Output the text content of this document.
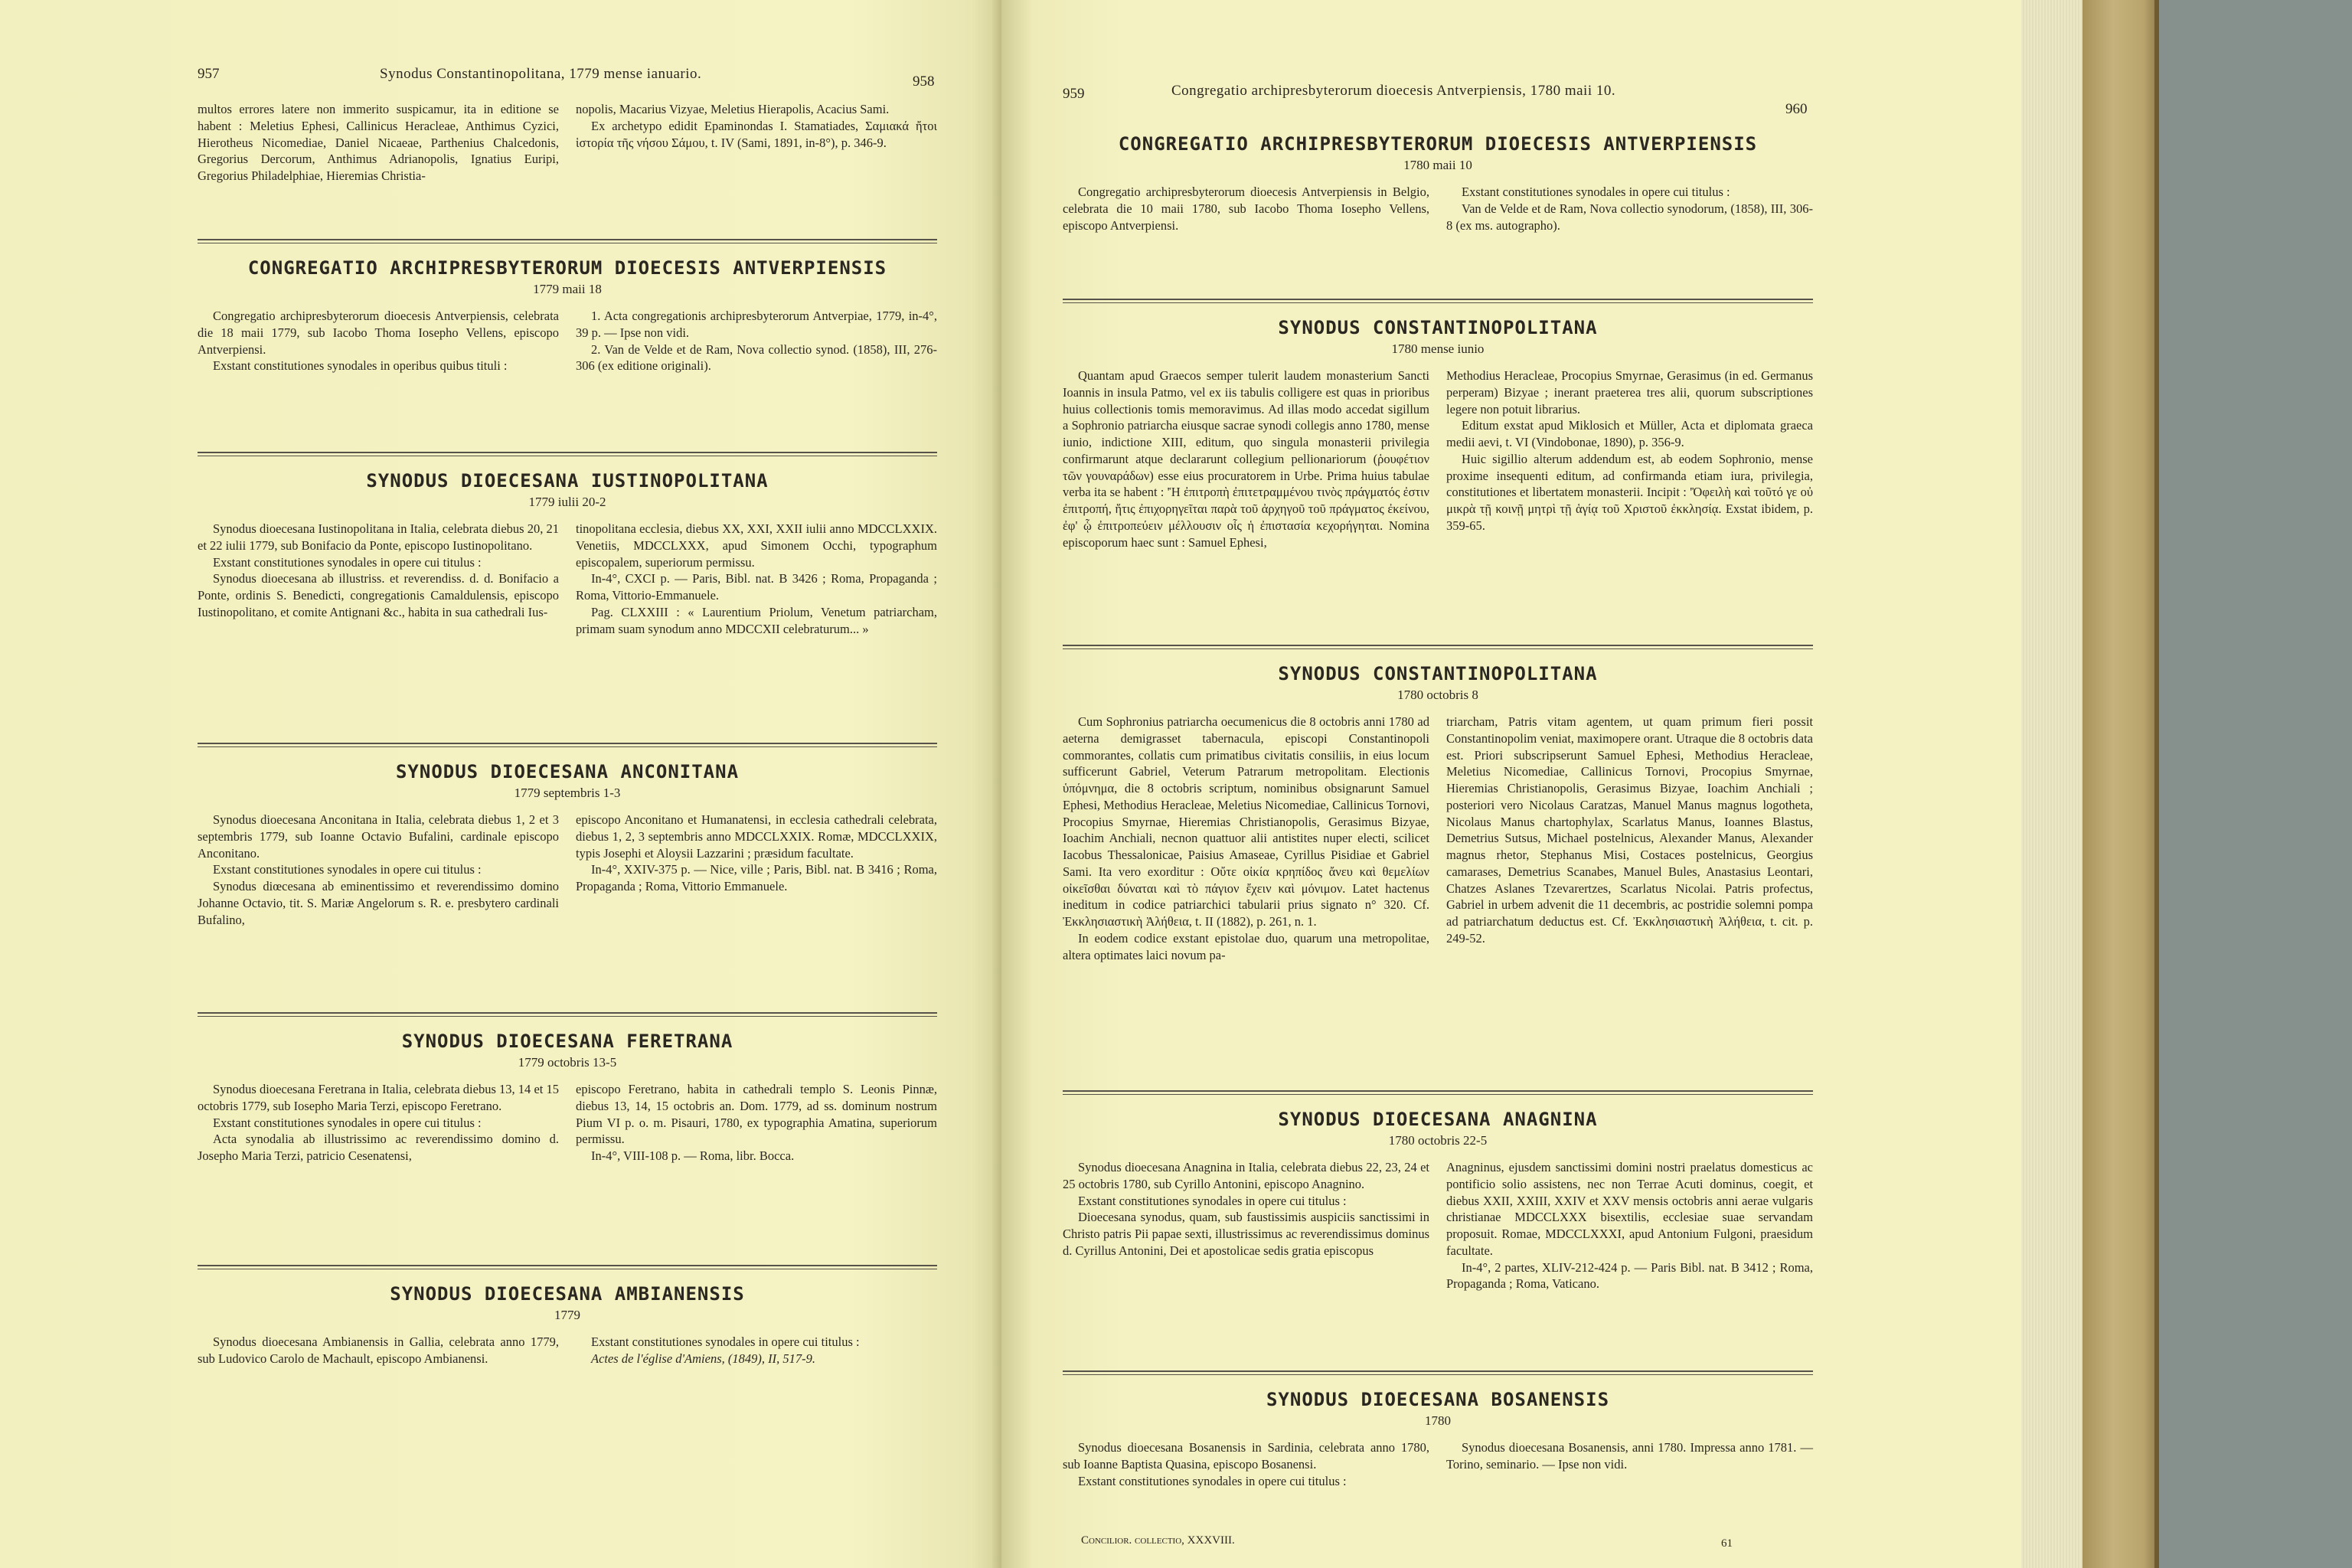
957	Synodus Constantinopolitana, 1779 mense ianuario.	958

multos errores latere non immerito suspicamur, ita in editione se habent : Meletius Ephesi, Callinicus Heracleae, Anthimus Cyzici, Hierotheus Nicomediae, Daniel Nicaeae, Parthenius Chalcedonis, Gregorius Dercorum, Anthimus Adrianopolis, Ignatius Euripi, Gregorius Philadelphiae, Hieremias Christia-

nopolis, Macarius Vizyae, Meletius Hierapolis, Acacius Sami.

Ex archetypo edidit Epaminondas I. Stamatiades, Σαμιακά ἤτοι ἱστορία τῆς νήσου Σάμου, t. IV (Sami, 1891, in-8°), p. 346-9.

CONGREGATIO ARCHIPRESBYTERORUM DIOECESIS ANTVERPIENSIS
1779 maii 18

Congregatio archipresbyterorum dioecesis Antverpiensis, celebrata die 18 maii 1779, sub Iacobo Thoma Iosepho Vellens, episcopo Antverpiensi.

Exstant constitutiones synodales in operibus quibus tituli :

1. Acta congregationis archipresbyterorum Antverpiae, 1779, in-4°, 39 p. — Ipse non vidi.

2. Van de Velde et de Ram, Nova collectio synod. (1858), III, 276-306 (ex editione originali).

SYNODUS DIOECESANA IUSTINOPOLITANA
1779 iulii 20-2

Synodus dioecesana Iustinopolitana in Italia, celebrata diebus 20, 21 et 22 iulii 1779, sub Bonifacio da Ponte, episcopo Iustinopolitano.

Exstant constitutiones synodales in opere cui titulus :

Synodus dioecesana ab illustriss. et reverendiss. d. d. Bonifacio a Ponte, ordinis S. Benedicti, congregationis Camaldulensis, episcopo Iustinopolitano, et comite Antignani &c., habita in sua cathedrali Ius-

tinopolitana ecclesia, diebus XX, XXI, XXII iulii anno MDCCLXXIX. Venetiis, MDCCLXXX, apud Simonem Occhi, typographum episcopalem, superiorum permissu.

In-4°, CXCI p. — Paris, Bibl. nat. B 3426 ; Roma, Propaganda ; Roma, Vittorio-Emmanuele.

Pag. CLXXIII : « Laurentium Priolum, Venetum patriarcham, primam suam synodum anno MDCCXII celebraturum... »

SYNODUS DIOECESANA ANCONITANA
1779 septembris 1-3

Synodus dioecesana Anconitana in Italia, celebrata diebus 1, 2 et 3 septembris 1779, sub Ioanne Octavio Bufalini, cardinale episcopo Anconitano.

Exstant constitutiones synodales in opere cui titulus :

Synodus diœcesana ab eminentissimo et reverendissimo domino Johanne Octavio, tit. S. Mariæ Angelorum s. R. e. presbytero cardinali Bufalino,

episcopo Anconitano et Humanatensi, in ecclesia cathedrali celebrata, diebus 1, 2, 3 septembris anno MDCCLXXIX. Romæ, MDCCLXXIX, typis Josephi et Aloysii Lazzarini ; præsidum facultate.

In-4°, XXIV-375 p. — Nice, ville ; Paris, Bibl. nat. B 3416 ; Roma, Propaganda ; Roma, Vittorio Emmanuele.

SYNODUS DIOECESANA FERETRANA
1779 octobris 13-5

Synodus dioecesana Feretrana in Italia, celebrata diebus 13, 14 et 15 octobris 1779, sub Iosepho Maria Terzi, episcopo Feretrano.

Exstant constitutiones synodales in opere cui titulus :

Acta synodalia ab illustrissimo ac reverendissimo domino d. Josepho Maria Terzi, patricio Cesenatensi,

episcopo Feretrano, habita in cathedrali templo S. Leonis Pinnæ, diebus 13, 14, 15 octobris an. Dom. 1779, ad ss. dominum nostrum Pium VI p. o. m. Pisauri, 1780, ex typographia Amatina, superiorum permissu.

In-4°, VIII-108 p. — Roma, libr. Bocca.

SYNODUS DIOECESANA AMBIANENSIS
1779

Synodus dioecesana Ambianensis in Gallia, celebrata anno 1779, sub Ludovico Carolo de Machault, episcopo Ambianensi.

Exstant constitutiones synodales in opere cui titulus :

Actes de l'église d'Amiens, (1849), II, 517-9.

959	Congregatio archipresbyterorum dioecesis Antverpiensis, 1780 maii 10.
960
CONGREGATIO ARCHIPRESBYTERORUM DIOECESIS ANTVERPIENSIS
1780 maii 10

Congregatio archipresbyterorum dioecesis Antverpiensis in Belgio, celebrata die 10 maii 1780, sub Iacobo Thoma Iosepho Vellens, episcopo Antverpiensi.

Exstant constitutiones synodales in opere cui titulus :

Van de Velde et de Ram, Nova collectio synodorum, (1858), III, 306-8 (ex ms. autographo).

SYNODUS CONSTANTINOPOLITANA
1780 mense iunio

Quantam apud Graecos semper tulerit laudem monasterium Sancti Ioannis in insula Patmo, vel ex iis tabulis colligere est quas in prioribus huius collectionis tomis memoravimus. Ad illas modo accedat sigillum a Sophronio patriarcha eiusque sacrae synodi collegis anno 1780, mense iunio, indictione XIII, editum, quo singula monasterii privilegia confirmarunt atque declararunt collegium pellionariorum (ῥουφέτιον τῶν γουναράδων) esse eius procuratorem in Urbe. Prima huius tabulae verba ita se habent : 'Ἡ ἐπιτροπὴ ἐπιτετραμμένου τινὸς πράγματός ἐστιν ἐπιτροπή, ἥτις ἐπιχορηγεῖται παρὰ τοῦ ἀρχηγοῦ τοῦ πράγματος ἐκείνου, ἐφ' ᾧ ἐπιτροπεύειν μέλλουσιν οἷς ἡ ἐπιστασία κεχορήγηται. Nomina episcoporum haec sunt : Samuel Ephesi,

Methodius Heracleae, Procopius Smyrnae, Gerasimus (in ed. Germanus perperam) Bizyae ; inerant praeterea tres alii, quorum subscriptiones legere non potuit librarius.

Editum exstat apud Miklosich et Müller, Acta et diplomata graeca medii aevi, t. VI (Vindobonae, 1890), p. 356-9.

Huic sigillio alterum addendum est, ab eodem Sophronio, mense proxime insequenti editum, ad confirmanda etiam iura, privilegia, constitutiones et libertatem monasterii. Incipit : 'Ὀφειλὴ καὶ τοῦτό γε οὐ μικρὰ τῇ κοινῇ μητρὶ τῇ ἁγίᾳ τοῦ Χριστοῦ ἐκκλησίᾳ. Exstat ibidem, p. 359-65.

SYNODUS CONSTANTINOPOLITANA
1780 octobris 8

Cum Sophronius patriarcha oecumenicus die 8 octobris anni 1780 ad aeterna demigrasset tabernacula, episcopi Constantinopoli commorantes, collatis cum primatibus civitatis consiliis, in eius locum sufficerunt Gabriel, Veterum Patrarum metropolitam. Electionis ὑπόμνημα, die 8 octobris scriptum, nominibus obsignarunt Samuel Ephesi, Methodius Heracleae, Meletius Nicomediae, Callinicus Tornovi, Procopius Smyrnae, Hieremias Christianopolis, Gerasimus Bizyae, Ioachim Anchiali, necnon quattuor alii antistites nuper electi, scilicet Iacobus Thessalonicae, Paisius Amaseae, Cyrillus Pisidiae et Gabriel Sami. Ita vero exorditur : Οὔτε οἰκία κρηπίδος ἄνευ καὶ θεμελίων οἰκεῖσθαι δύναται καὶ τὸ πάγιον ἔχειν καὶ μόνιμον. Latet hactenus ineditum in codice patriarchici tabularii prius signato n° 320. Cf. Ἐκκλησιαστικὴ Ἀλήθεια, t. II (1882), p. 261, n. 1.

In eodem codice exstant epistolae duo, quarum una metropolitae, altera optimates laici novum pa-

triarcham, Patris vitam agentem, ut quam primum fieri possit Constantinopolim veniat, maximopere orant. Utraque die 8 octobris data est. Priori subscripserunt Samuel Ephesi, Methodius Heracleae, Meletius Nicomediae, Callinicus Tornovi, Procopius Smyrnae, Hieremias Christianopolis, Gerasimus Bizyae, Ioachim Anchiali ; posteriori vero Nicolaus Caratzas, Manuel Manus magnus logotheta, Nicolaus Manus chartophylax, Scarlatus Manus, Ioannes Blastus, Demetrius Sutsus, Michael postelnicus, Alexander Manus, Alexander magnus rhetor, Stephanus Misi, Costaces postelnicus, Georgius camarases, Demetrius Scanabes, Manuel Bules, Anastasius Leontari, Chatzes Aslanes Tzevarertzes, Scarlatus Nicolai. Patris profectus, Gabriel in urbem advenit die 11 decembris, ac postridie solemni pompa ad patriarchatum deductus est. Cf. Ἐκκλησιαστικὴ Ἀλήθεια, t. cit. p. 249-52.

SYNODUS DIOECESANA ANAGNINA
1780 octobris 22-5

Synodus dioecesana Anagnina in Italia, celebrata diebus 22, 23, 24 et 25 octobris 1780, sub Cyrillo Antonini, episcopo Anagnino.

Exstant constitutiones synodales in opere cui titulus :

Dioecesana synodus, quam, sub faustissimis auspiciis sanctissimi in Christo patris Pii papae sexti, illustrissimus ac reverendissimus dominus d. Cyrillus Antonini, Dei et apostolicae sedis gratia episcopus

Anagninus, ejusdem sanctissimi domini nostri praelatus domesticus ac pontificio solio assistens, nec non Terrae Acuti dominus, coegit, et diebus XXII, XXIII, XXIV et XXV mensis octobris anni aerae vulgaris christianae MDCCLXXX bisextilis, ecclesiae suae servandam proposuit. Romae, MDCCLXXXI, apud Antonium Fulgoni, praesidum facultate.

In-4°, 2 partes, XLIV-212-424 p. — Paris Bibl. nat. B 3412 ; Roma, Propaganda ; Roma, Vaticano.

SYNODUS DIOECESANA BOSANENSIS
1780

Synodus dioecesana Bosanensis in Sardinia, celebrata anno 1780, sub Ioanne Baptista Quasina, episcopo Bosanensi.

Exstant constitutiones synodales in opere cui titulus :

Synodus dioecesana Bosanensis, anni 1780. Impressa anno 1781. — Torino, seminario. — Ipse non vidi.

Concilior. collectio, XXXVIII.	61
